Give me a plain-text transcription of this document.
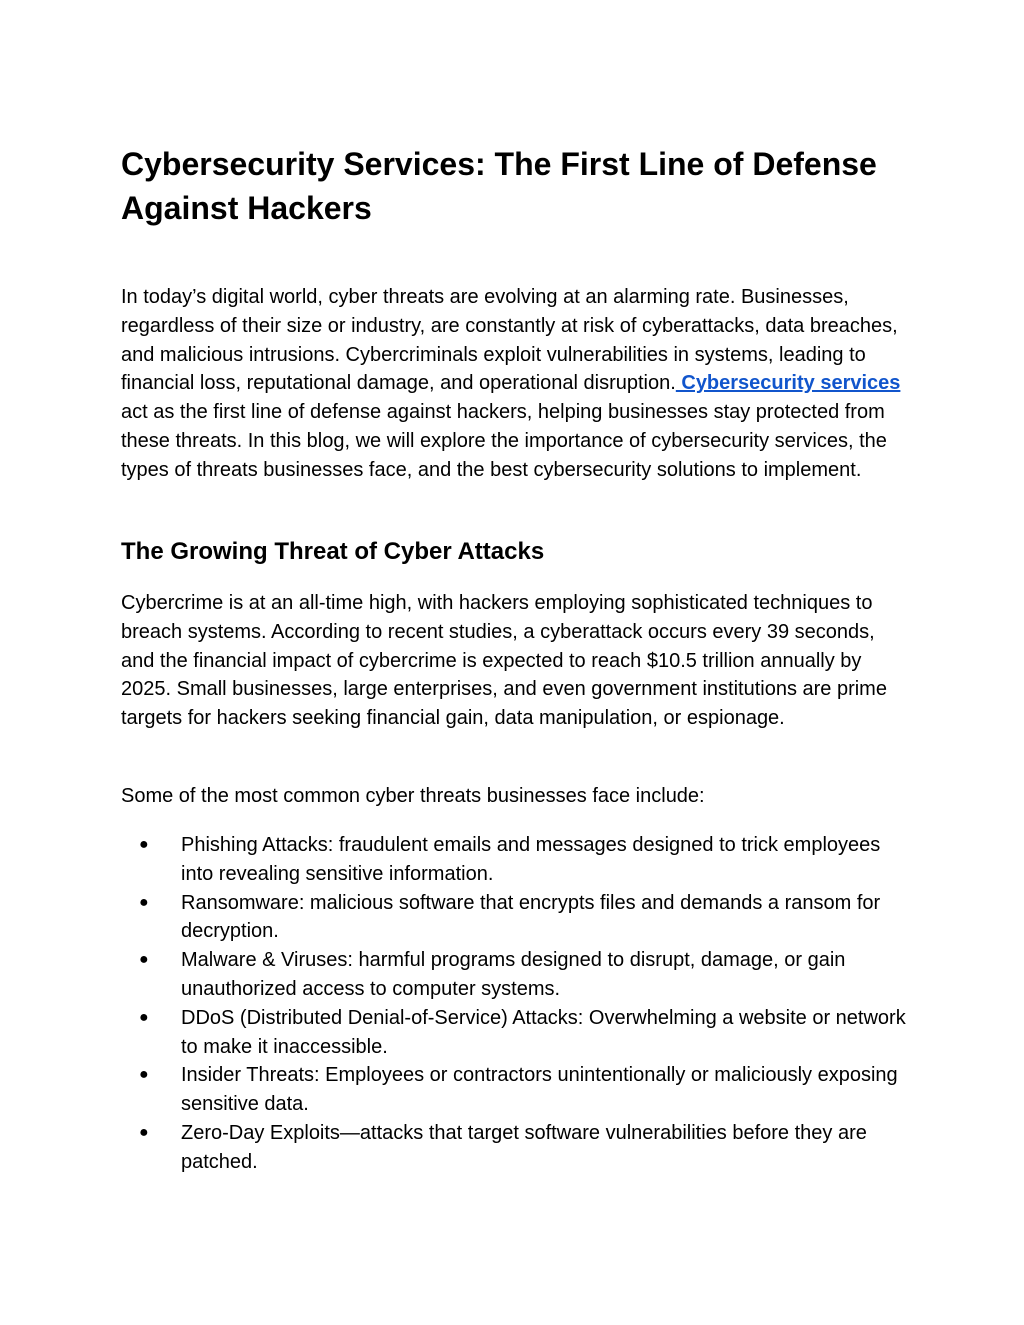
Cybersecurity Services: The First Line of Defense Against Hackers

In today’s digital world, cyber threats are evolving at an alarming rate. Businesses, regardless of their size or industry, are constantly at risk of cyberattacks, data breaches, and malicious intrusions. Cybercriminals exploit vulnerabilities in systems, leading to financial loss, reputational damage, and operational disruption. Cybersecurity services act as the first line of defense against hackers, helping businesses stay protected from these threats. In this blog, we will explore the importance of cybersecurity services, the types of threats businesses face, and the best cybersecurity solutions to implement.

The Growing Threat of Cyber Attacks

Cybercrime is at an all-time high, with hackers employing sophisticated techniques to breach systems. According to recent studies, a cyberattack occurs every 39 seconds, and the financial impact of cybercrime is expected to reach $10.5 trillion annually by 2025. Small businesses, large enterprises, and even government institutions are prime targets for hackers seeking financial gain, data manipulation, or espionage.

Some of the most common cyber threats businesses face include:

● Phishing Attacks: fraudulent emails and messages designed to trick employees into revealing sensitive information.
● Ransomware: malicious software that encrypts files and demands a ransom for decryption.
● Malware & Viruses: harmful programs designed to disrupt, damage, or gain unauthorized access to computer systems.
● DDoS (Distributed Denial-of-Service) Attacks: Overwhelming a website or network to make it inaccessible.
● Insider Threats: Employees or contractors unintentionally or maliciously exposing sensitive data.
● Zero-Day Exploits—attacks that target software vulnerabilities before they are patched.
